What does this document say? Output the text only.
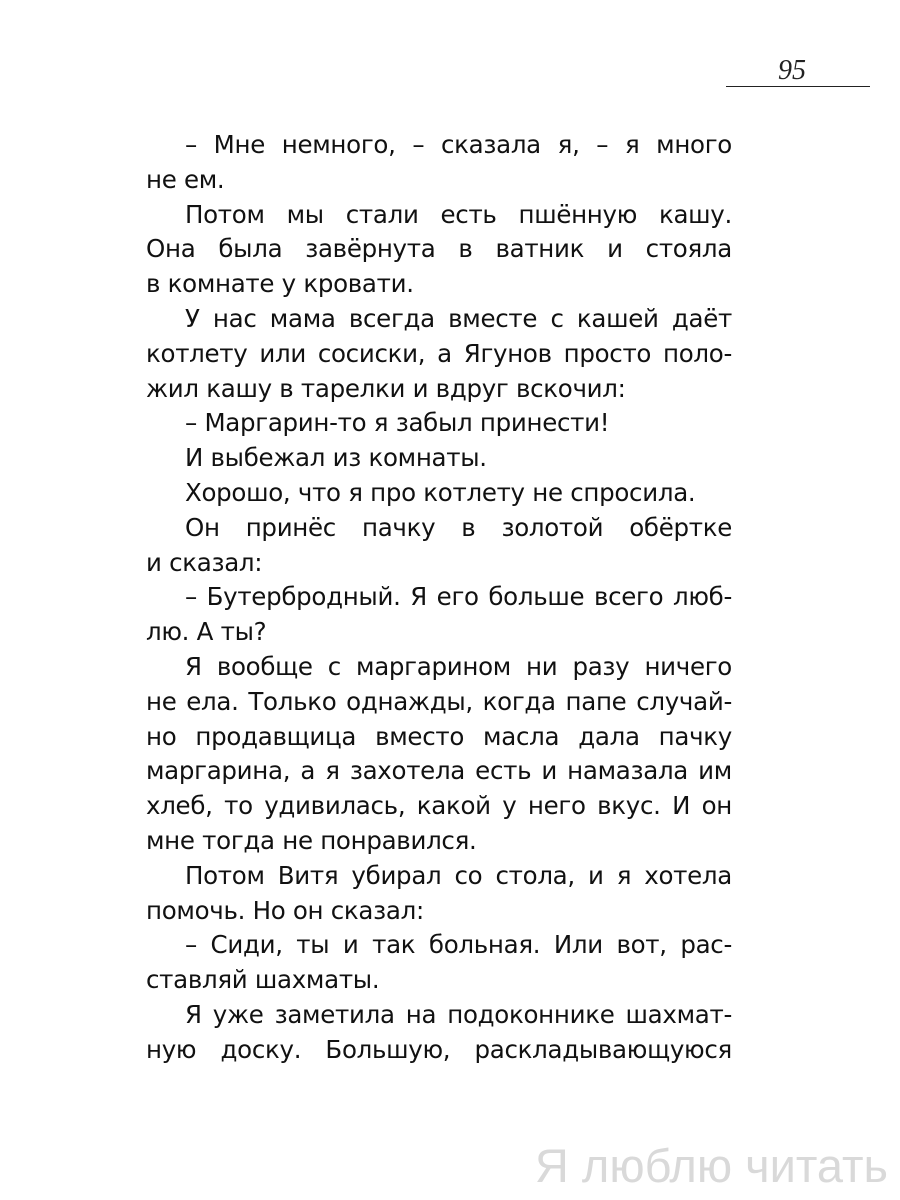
95
– Мне немного, – сказала я, – я много
не ем.
Потом мы стали есть пшённую кашу.
Она была завёрнута в ватник и стояла
в комнате у кровати.
У нас мама всегда вместе с кашей даёт
котлету или сосиски, а Ягунов просто поло-
жил кашу в тарелки и вдруг вскочил:
– Маргарин-то я забыл принести!
И выбежал из комнаты.
Хорошо, что я про котлету не спросила.
Он принёс пачку в золотой обёртке
и сказал:
– Бутербродный. Я его больше всего люб-
лю. А ты?
Я вообще с маргарином ни разу ничего
не ела. Только однажды, когда папе случай-
но продавщица вместо масла дала пачку
маргарина, а я захотела есть и намазала им
хлеб, то удивилась, какой у него вкус. И он
мне тогда не понравился.
Потом Витя убирал со стола, и я хотела
помочь. Но он сказал:
– Сиди, ты и так больная. Или вот, рас-
ставляй шахматы.
Я уже заметила на подоконнике шахмат-
ную доску. Большую, раскладывающуюся
Я люблю читать
